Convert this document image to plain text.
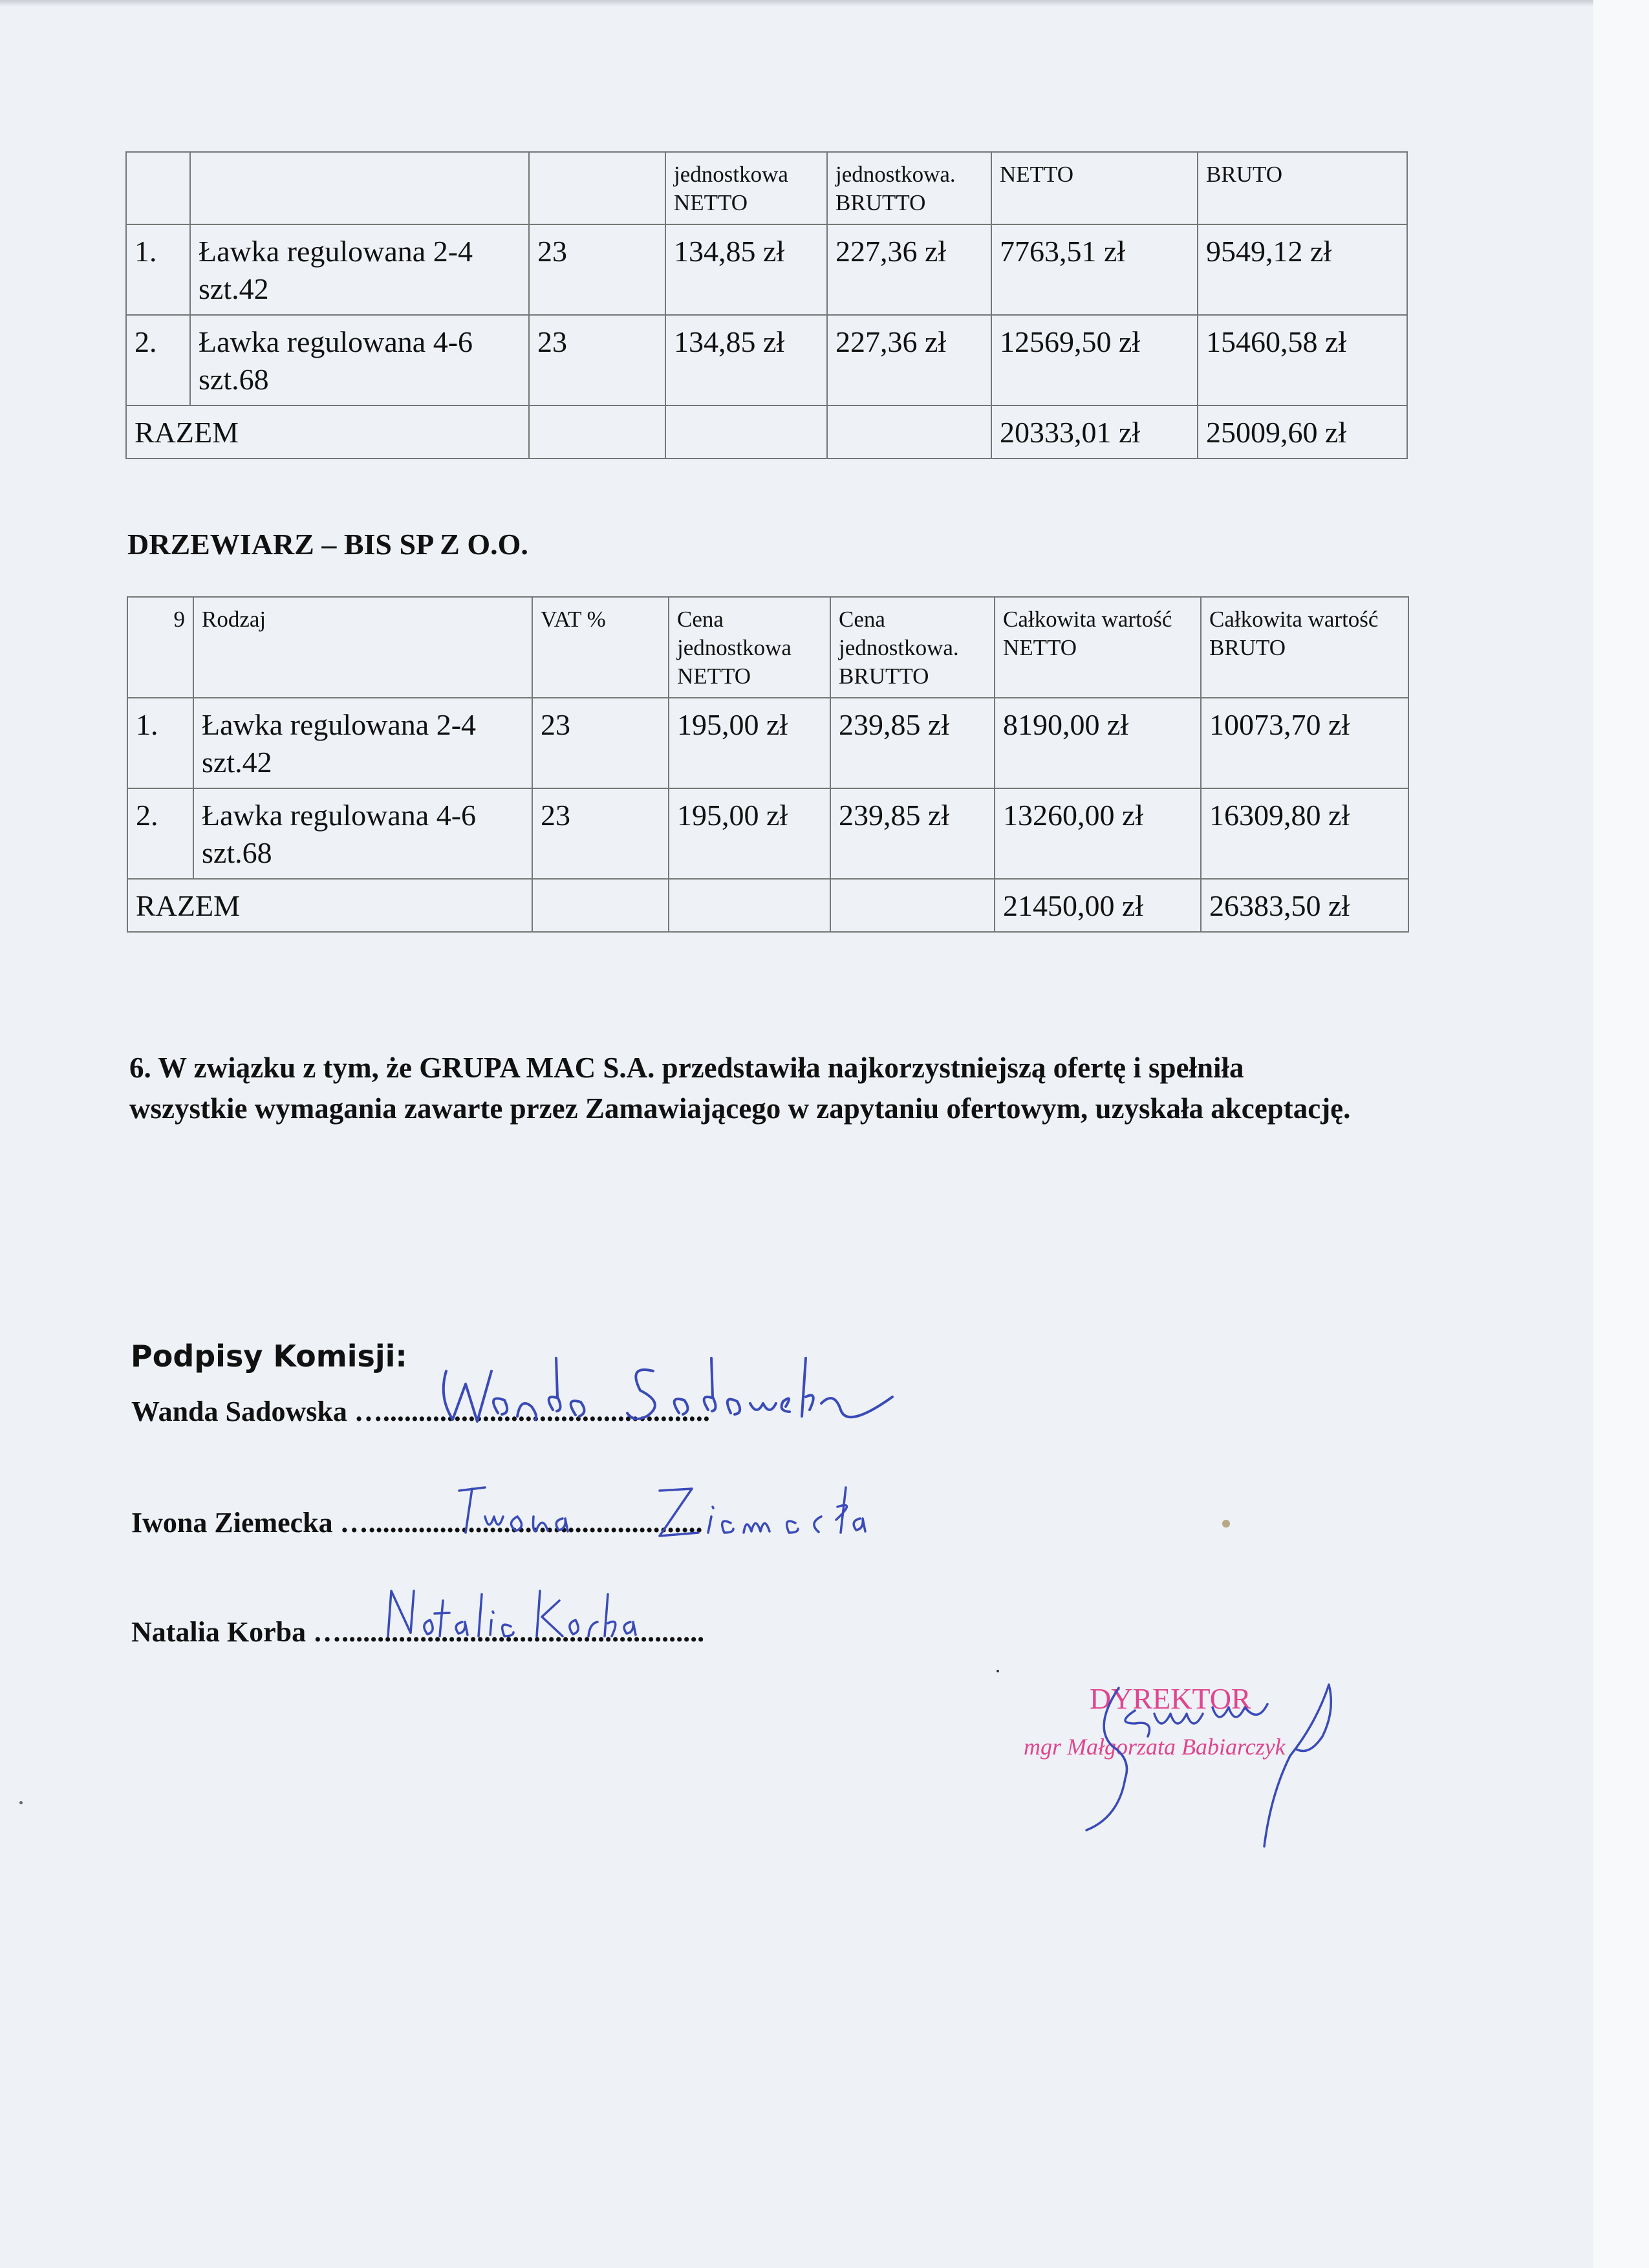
			jednostkowa NETTO	jednostkowa. BRUTTO	NETTO	BRUTO
1.	Ławka regulowana 2-4 szt.42	23	134,85 zł	227,36 zł	7763,51 zł	9549,12 zł
2.	Ławka regulowana 4-6 szt.68	23	134,85 zł	227,36 zł	12569,50 zł	15460,58 zł
RAZEM					20333,01 zł	25009,60 zł
DRZEWIARZ – BIS SP Z O.O.
9	Rodzaj	VAT %	Cena jednostkowa NETTO	Cena jednostkowa. BRUTTO	Całkowita wartość NETTO	Całkowita wartość BRUTO
1.	Ławka regulowana 2-4 szt.42	23	195,00 zł	239,85 zł	8190,00 zł	10073,70 zł
2.	Ławka regulowana 4-6 szt.68	23	195,00 zł	239,85 zł	13260,00 zł	16309,80 zł
RAZEM					21450,00 zł	26383,50 zł

6. W związku z tym, że GRUPA MAC S.A. przedstawiła najkorzystniejszą ofertę i spełniła wszystkie wymagania zawarte przez Zamawiającego w zapytaniu ofertowym, uzyskała akceptację.

Podpisy Komisji:
Wanda Sadowska …..............................................
Iwona Ziemecka …...............................................
Natalia Korba …...................................................
DYREKTOR
mgr Małgorzata Babiarczyk
